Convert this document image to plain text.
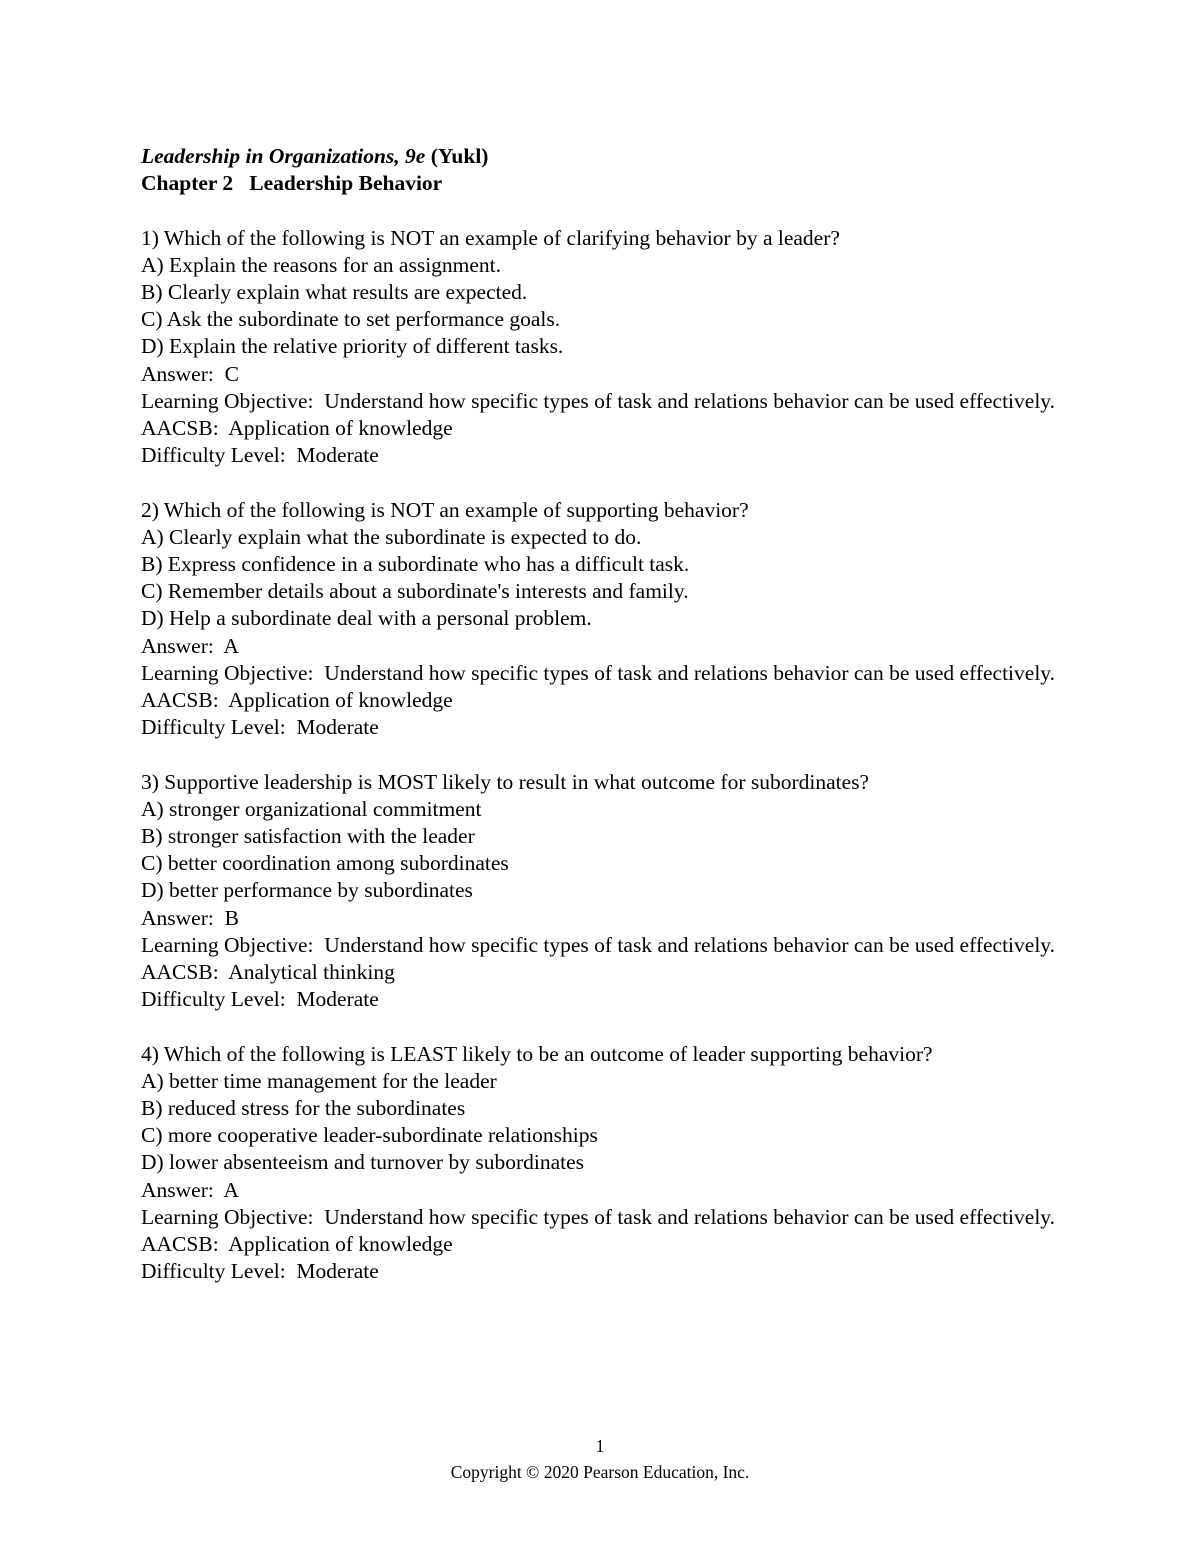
Leadership in Organizations, 9e (Yukl)
Chapter 2   Leadership Behavior
1) Which of the following is NOT an example of clarifying behavior by a leader?
A) Explain the reasons for an assignment.
B) Clearly explain what results are expected.
C) Ask the subordinate to set performance goals.
D) Explain the relative priority of different tasks.
Answer:  C
Learning Objective:  Understand how specific types of task and relations behavior can be used effectively.
AACSB:  Application of knowledge
Difficulty Level:  Moderate
2) Which of the following is NOT an example of supporting behavior?
A) Clearly explain what the subordinate is expected to do.
B) Express confidence in a subordinate who has a difficult task.
C) Remember details about a subordinate's interests and family.
D) Help a subordinate deal with a personal problem.
Answer:  A
Learning Objective:  Understand how specific types of task and relations behavior can be used effectively.
AACSB:  Application of knowledge
Difficulty Level:  Moderate
3) Supportive leadership is MOST likely to result in what outcome for subordinates?
A) stronger organizational commitment
B) stronger satisfaction with the leader
C) better coordination among subordinates
D) better performance by subordinates
Answer:  B
Learning Objective:  Understand how specific types of task and relations behavior can be used effectively.
AACSB:  Analytical thinking
Difficulty Level:  Moderate
4) Which of the following is LEAST likely to be an outcome of leader supporting behavior?
A) better time management for the leader
B) reduced stress for the subordinates
C) more cooperative leader-subordinate relationships
D) lower absenteeism and turnover by subordinates
Answer:  A
Learning Objective:  Understand how specific types of task and relations behavior can be used effectively.
AACSB:  Application of knowledge
Difficulty Level:  Moderate
1
Copyright © 2020 Pearson Education, Inc.
